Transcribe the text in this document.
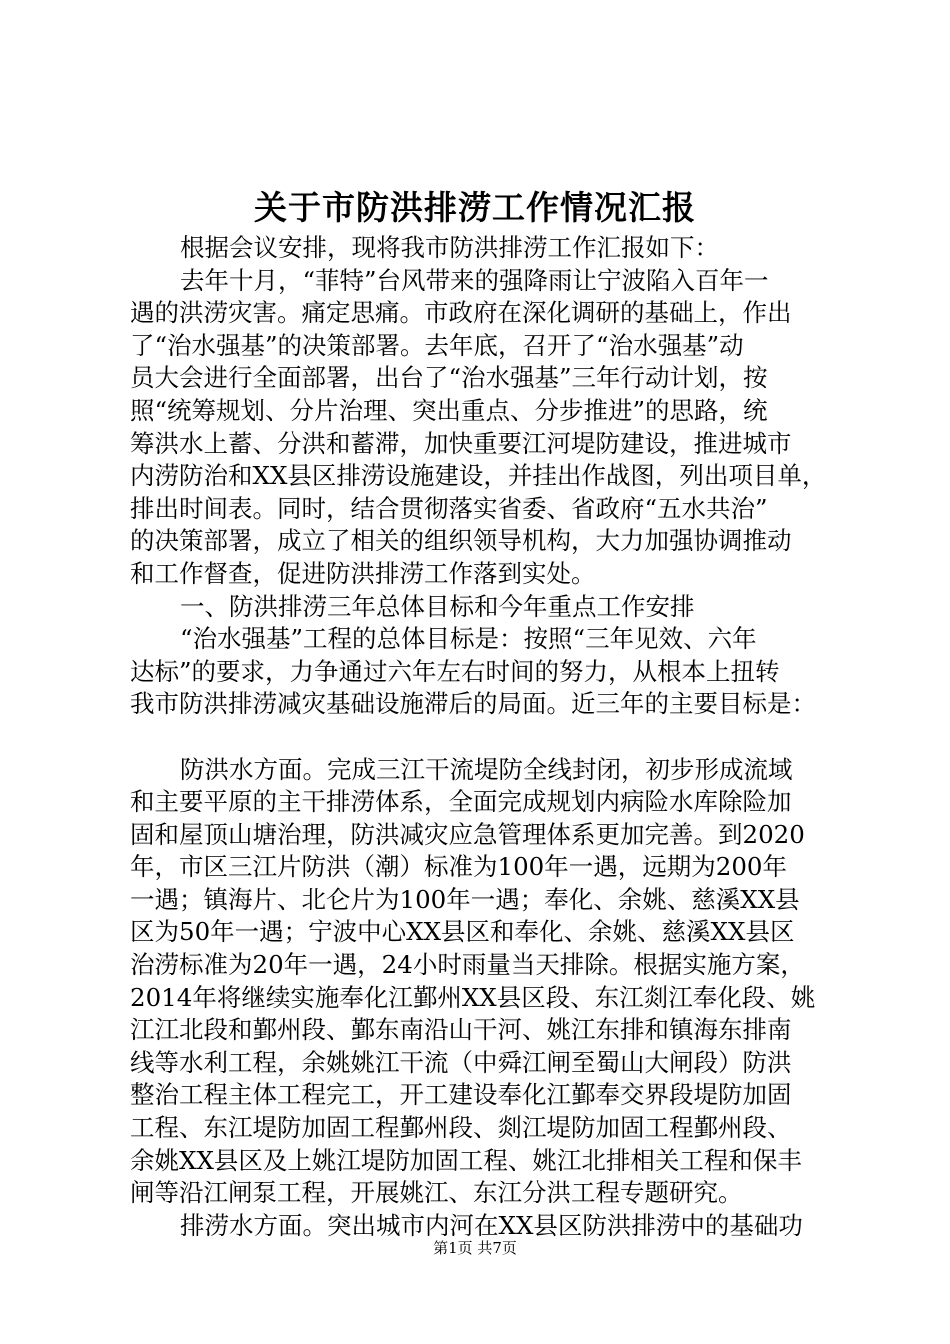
关于市防洪排涝工作情况汇报
根据会议安排，现将我市防洪排涝工作汇报如下：
去年十月，“菲特”台风带来的强降雨让宁波陷入百年一
遇的洪涝灾害。痛定思痛。市政府在深化调研的基础上，作出
了“治水强基”的决策部署。去年底，召开了“治水强基”动
员大会进行全面部署，出台了“治水强基”三年行动计划，按
照“统筹规划、分片治理、突出重点、分步推进”的思路，统
筹洪水上蓄、分洪和蓄滞，加快重要江河堤防建设，推进城市
内涝防治和XX县区排涝设施建设，并挂出作战图，列出项目单，
排出时间表。同时，结合贯彻落实省委、省政府“五水共治”
的决策部署，成立了相关的组织领导机构，大力加强协调推动
和工作督查，促进防洪排涝工作落到实处。
一、防洪排涝三年总体目标和今年重点工作安排
“治水强基”工程的总体目标是：按照“三年见效、六年
达标”的要求，力争通过六年左右时间的努力，从根本上扭转
我市防洪排涝减灾基础设施滞后的局面。近三年的主要目标是：
防洪水方面。完成三江干流堤防全线封闭，初步形成流域
和主要平原的主干排涝体系，全面完成规划内病险水库除险加
固和屋顶山塘治理，防洪减灾应急管理体系更加完善。到2020
年，市区三江片防洪（潮）标准为100年一遇，远期为200年
一遇；镇海片、北仑片为100年一遇；奉化、余姚、慈溪XX县
区为50年一遇；宁波中心XX县区和奉化、余姚、慈溪XX县区
治涝标准为20年一遇，24小时雨量当天排除。根据实施方案，
2014年将继续实施奉化江鄞州XX县区段、东江剡江奉化段、姚
江江北段和鄞州段、鄞东南沿山干河、姚江东排和镇海东排南
线等水利工程，余姚姚江干流（中舜江闸至蜀山大闸段）防洪
整治工程主体工程完工，开工建设奉化江鄞奉交界段堤防加固
工程、东江堤防加固工程鄞州段、剡江堤防加固工程鄞州段、
余姚XX县区及上姚江堤防加固工程、姚江北排相关工程和保丰
闸等沿江闸泵工程，开展姚江、东江分洪工程专题研究。
排涝水方面。突出城市内河在XX县区防洪排涝中的基础功
第1页 共7页
